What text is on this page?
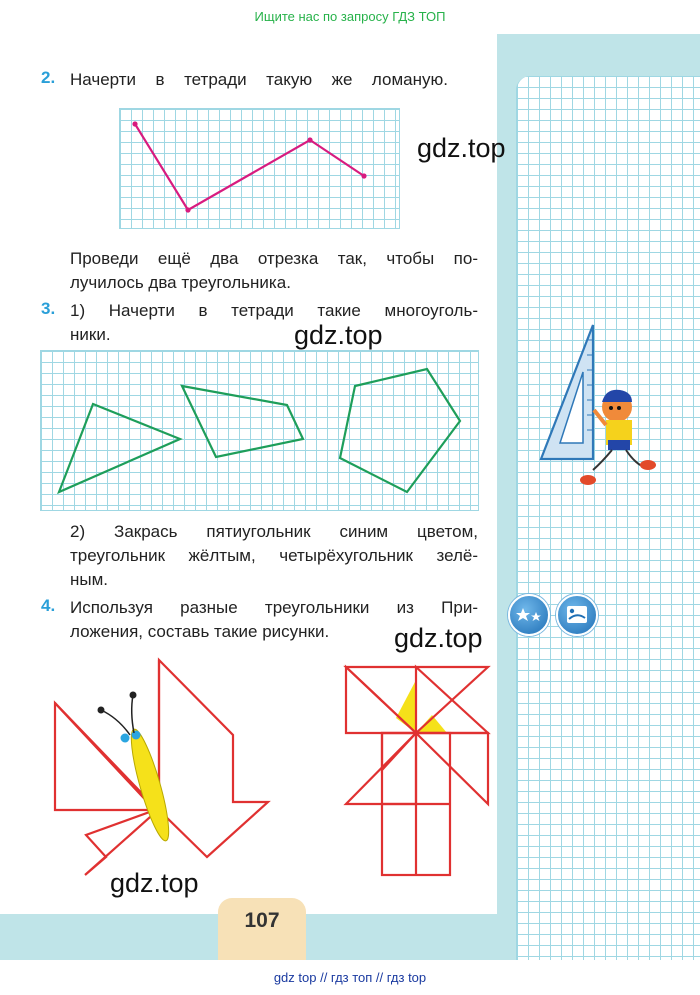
Ищите нас по запросу ГДЗ ТОП
2. Начерти в тетради такую же ломаную.
gdz.top
Проведи ещё два отрезка так, чтобы по-
лучилось два треугольника.
3. 1) Начерти в тетради такие многоуголь-
ники.	gdz.top
2) Закрась пятиугольник синим цветом,
треугольник жёлтым, четырёхугольник зелё-
ным.
4. Используя разные треугольники из При-
ложения, составь такие рисунки.	gdz.top
gdz.top
107
gdz top // гдз топ // гдз top
